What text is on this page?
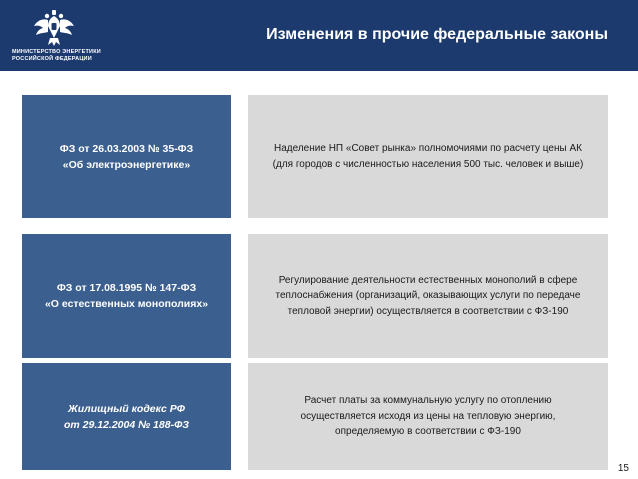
МИНИСТЕРСТВО ЭНЕРГЕТИКИ
РОССИЙСКОЙ ФЕДЕРАЦИИ
Изменения в прочие федеральные законы
ФЗ от 26.03.2003 № 35-ФЗ
«Об электроэнергетике»
Наделение НП «Совет рынка» полномочиями по расчету цены АК
(для городов с численностью населения 500 тыс. человек и выше)
ФЗ от 17.08.1995 № 147-ФЗ
«О естественных монополиях»
Регулирование деятельности естественных монополий в сфере
теплоснабжения (организаций, оказывающих услуги по передаче
тепловой энергии) осуществляется в соответствии с ФЗ-190
Жилищный кодекс РФ
от 29.12.2004 № 188-ФЗ
Расчет платы за коммунальную услугу по отоплению
осуществляется исходя из цены на тепловую энергию,
определяемую в соответствии с ФЗ-190
15
